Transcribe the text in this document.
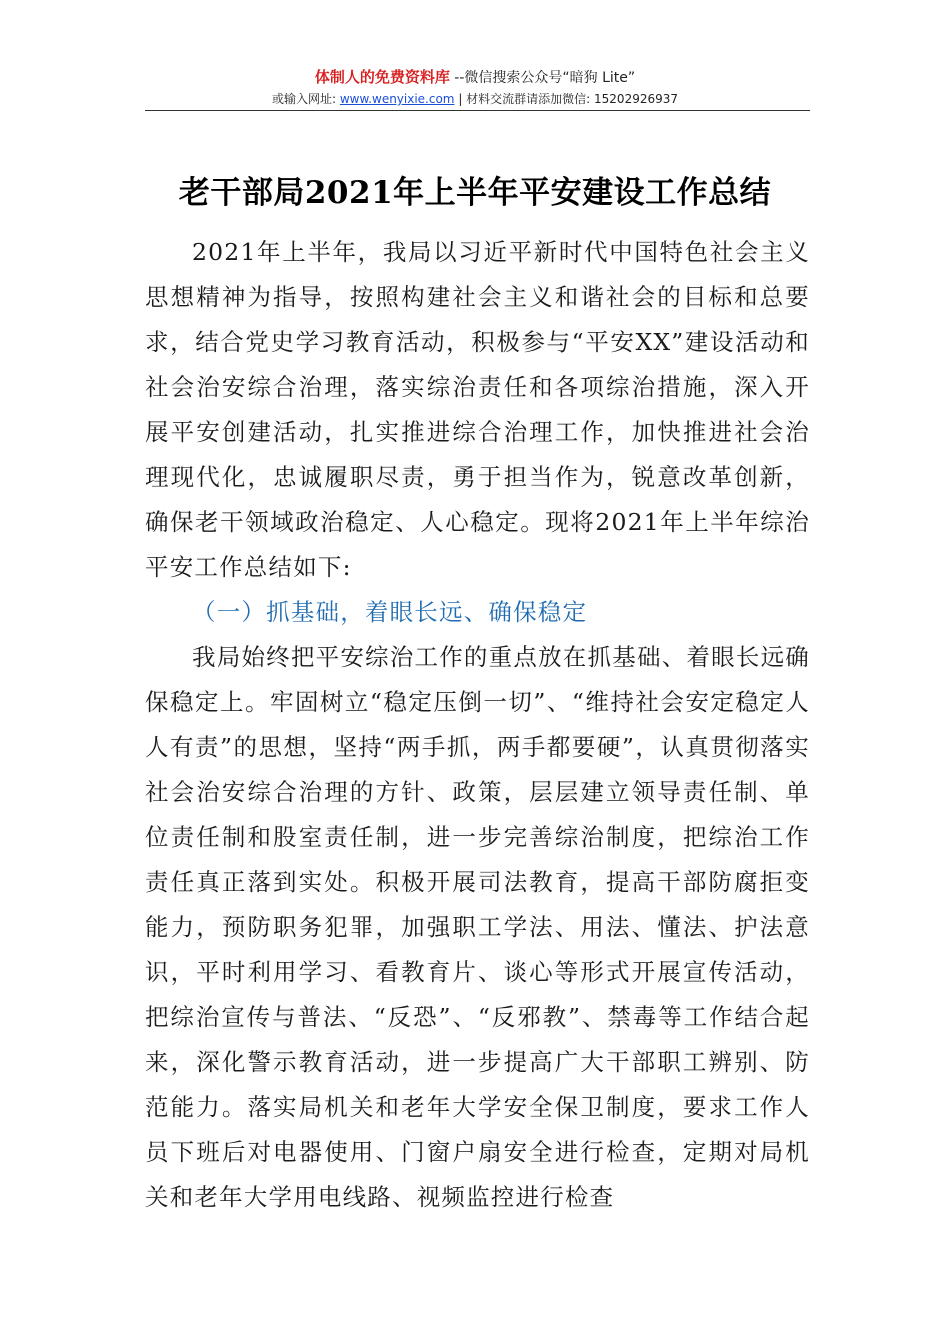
体制人的免费资料库 --微信搜索公众号“暗狗 Lite”
或输入网址: www.wenyixie.com | 材料交流群请添加微信: 15202926937
老干部局2021年上半年平安建设工作总结

2021年上半年，我局以习近平新时代中国特色社会主义思想精神为指导，按照构建社会主义和谐社会的目标和总要求，结合党史学习教育活动，积极参与“平安XX”建设活动和社会治安综合治理，落实综治责任和各项综治措施，深入开展平安创建活动，扎实推进综合治理工作，加快推进社会治理现代化，忠诚履职尽责，勇于担当作为，锐意改革创新，确保老干领域政治稳定、人心稳定。现将2021年上半年综治平安工作总结如下:

（一）抓基础，着眼长远、确保稳定

我局始终把平安综治工作的重点放在抓基础、着眼长远确保稳定上。牢固树立“稳定压倒一切”、“维持社会安定稳定人人有责”的思想，坚持“两手抓，两手都要硬”，认真贯彻落实社会治安综合治理的方针、政策，层层建立领导责任制、单位责任制和股室责任制，进一步完善综治制度，把综治工作责任真正落到实处。积极开展司法教育，提高干部防腐拒变能力，预防职务犯罪，加强职工学法、用法、懂法、护法意识，平时利用学习、看教育片、谈心等形式开展宣传活动，把综治宣传与普法、“反恐”、“反邪教”、禁毒等工作结合起来，深化警示教育活动，进一步提高广大干部职工辨别、防范能力。落实局机关和老年大学安全保卫制度，要求工作人员下班后对电器使用、门窗户扇安全进行检查，定期对局机关和老年大学用电线路、视频监控进行检查
